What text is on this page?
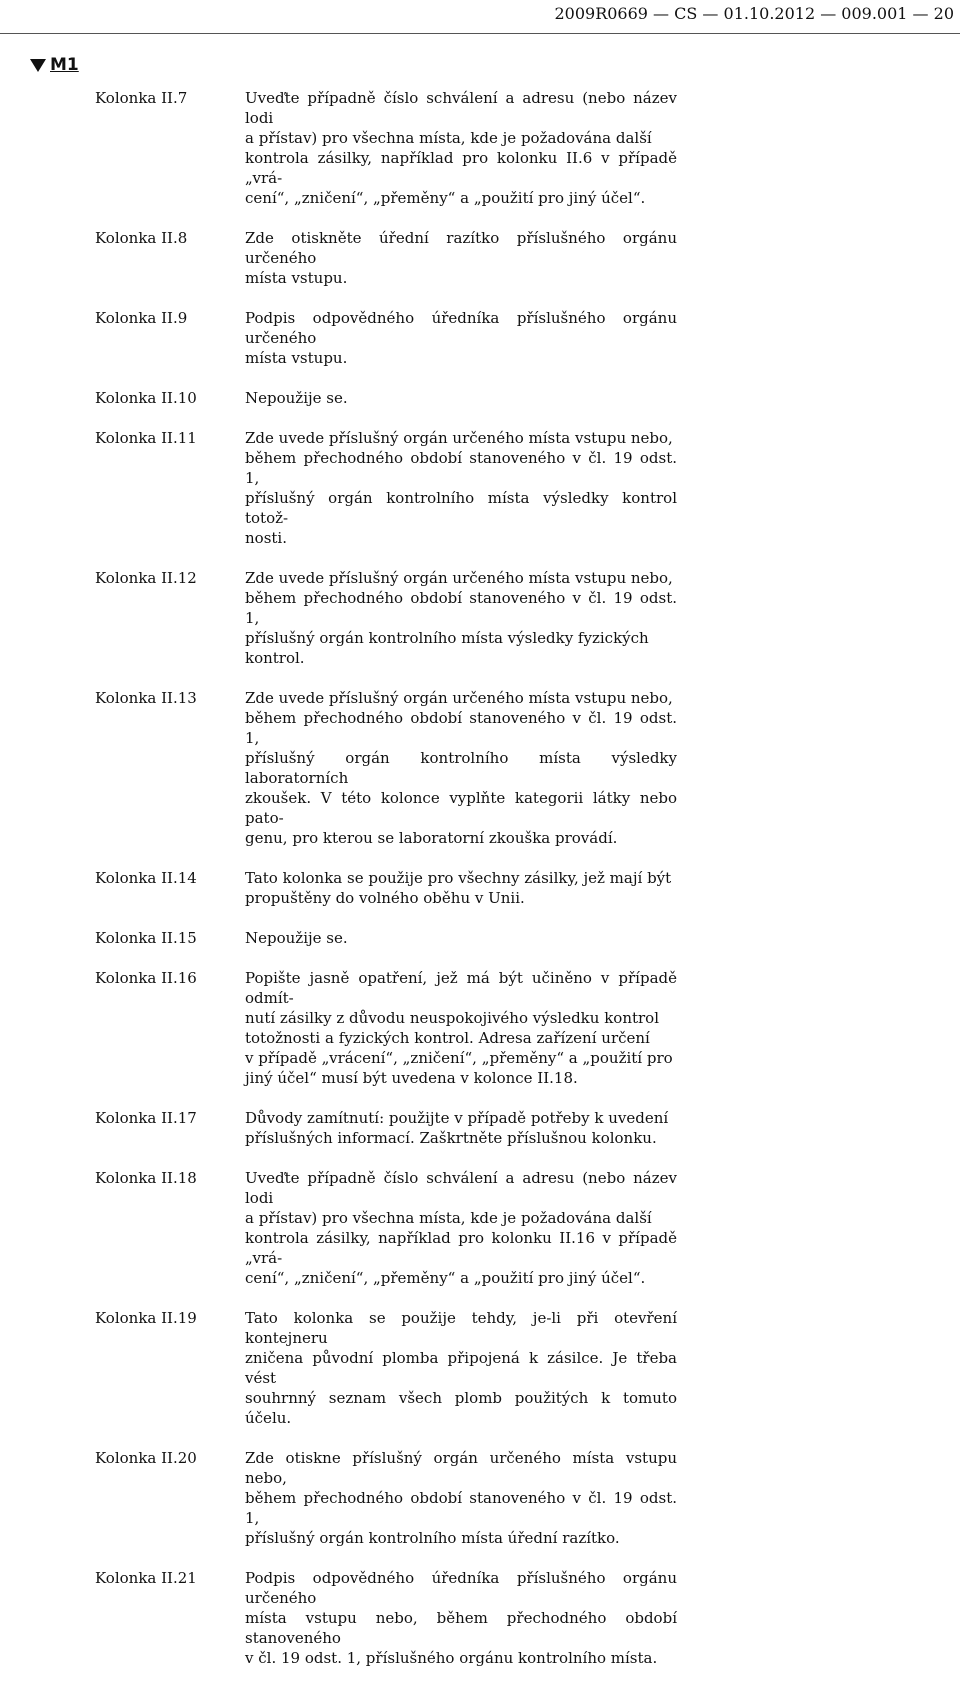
2009R0669 — CS — 01.10.2012 — 009.001 — 20
M1
Kolonka II.7	Uveďte případně číslo schválení a adresu (nebo název lodi
a přístav) pro všechna místa, kde je požadována další
kontrola zásilky, například pro kolonku II.6 v případě „vrá-
cení“, „zničení“, „přeměny“ a „použití pro jiný účel“.
Kolonka II.8	Zde otiskněte úřední razítko příslušného orgánu určeného
místa vstupu.
Kolonka II.9	Podpis odpovědného úředníka příslušného orgánu určeného
místa vstupu.
Kolonka II.10	Nepoužije se.
Kolonka II.11	Zde uvede příslušný orgán určeného místa vstupu nebo,
během přechodného období stanoveného v čl. 19 odst. 1,
příslušný orgán kontrolního místa výsledky kontrol totož-
nosti.
Kolonka II.12	Zde uvede příslušný orgán určeného místa vstupu nebo,
během přechodného období stanoveného v čl. 19 odst. 1,
příslušný orgán kontrolního místa výsledky fyzických
kontrol.
Kolonka II.13	Zde uvede příslušný orgán určeného místa vstupu nebo,
během přechodného období stanoveného v čl. 19 odst. 1,
příslušný orgán kontrolního místa výsledky laboratorních
zkoušek. V této kolonce vyplňte kategorii látky nebo pato-
genu, pro kterou se laboratorní zkouška provádí.
Kolonka II.14	Tato kolonka se použije pro všechny zásilky, jež mají být
propuštěny do volného oběhu v Unii.
Kolonka II.15	Nepoužije se.
Kolonka II.16	Popište jasně opatření, jež má být učiněno v případě odmít-
nutí zásilky z důvodu neuspokojivého výsledku kontrol
totožnosti a fyzických kontrol. Adresa zařízení určení
v případě „vrácení“, „zničení“, „přeměny“ a „použití pro
jiný účel“ musí být uvedena v kolonce II.18.
Kolonka II.17	Důvody zamítnutí: použijte v případě potřeby k uvedení
příslušných informací. Zaškrtněte příslušnou kolonku.
Kolonka II.18	Uveďte případně číslo schválení a adresu (nebo název lodi
a přístav) pro všechna místa, kde je požadována další
kontrola zásilky, například pro kolonku II.16 v případě „vrá-
cení“, „zničení“, „přeměny“ a „použití pro jiný účel“.
Kolonka II.19	Tato kolonka se použije tehdy, je-li při otevření kontejneru
zničena původní plomba připojená k zásilce. Je třeba vést
souhrnný seznam všech plomb použitých k tomuto účelu.
Kolonka II.20	Zde otiskne příslušný orgán určeného místa vstupu nebo,
během přechodného období stanoveného v čl. 19 odst. 1,
příslušný orgán kontrolního místa úřední razítko.
Kolonka II.21	Podpis odpovědného úředníka příslušného orgánu určeného
místa vstupu nebo, během přechodného období stanoveného
v čl. 19 odst. 1, příslušného orgánu kontrolního místa.
